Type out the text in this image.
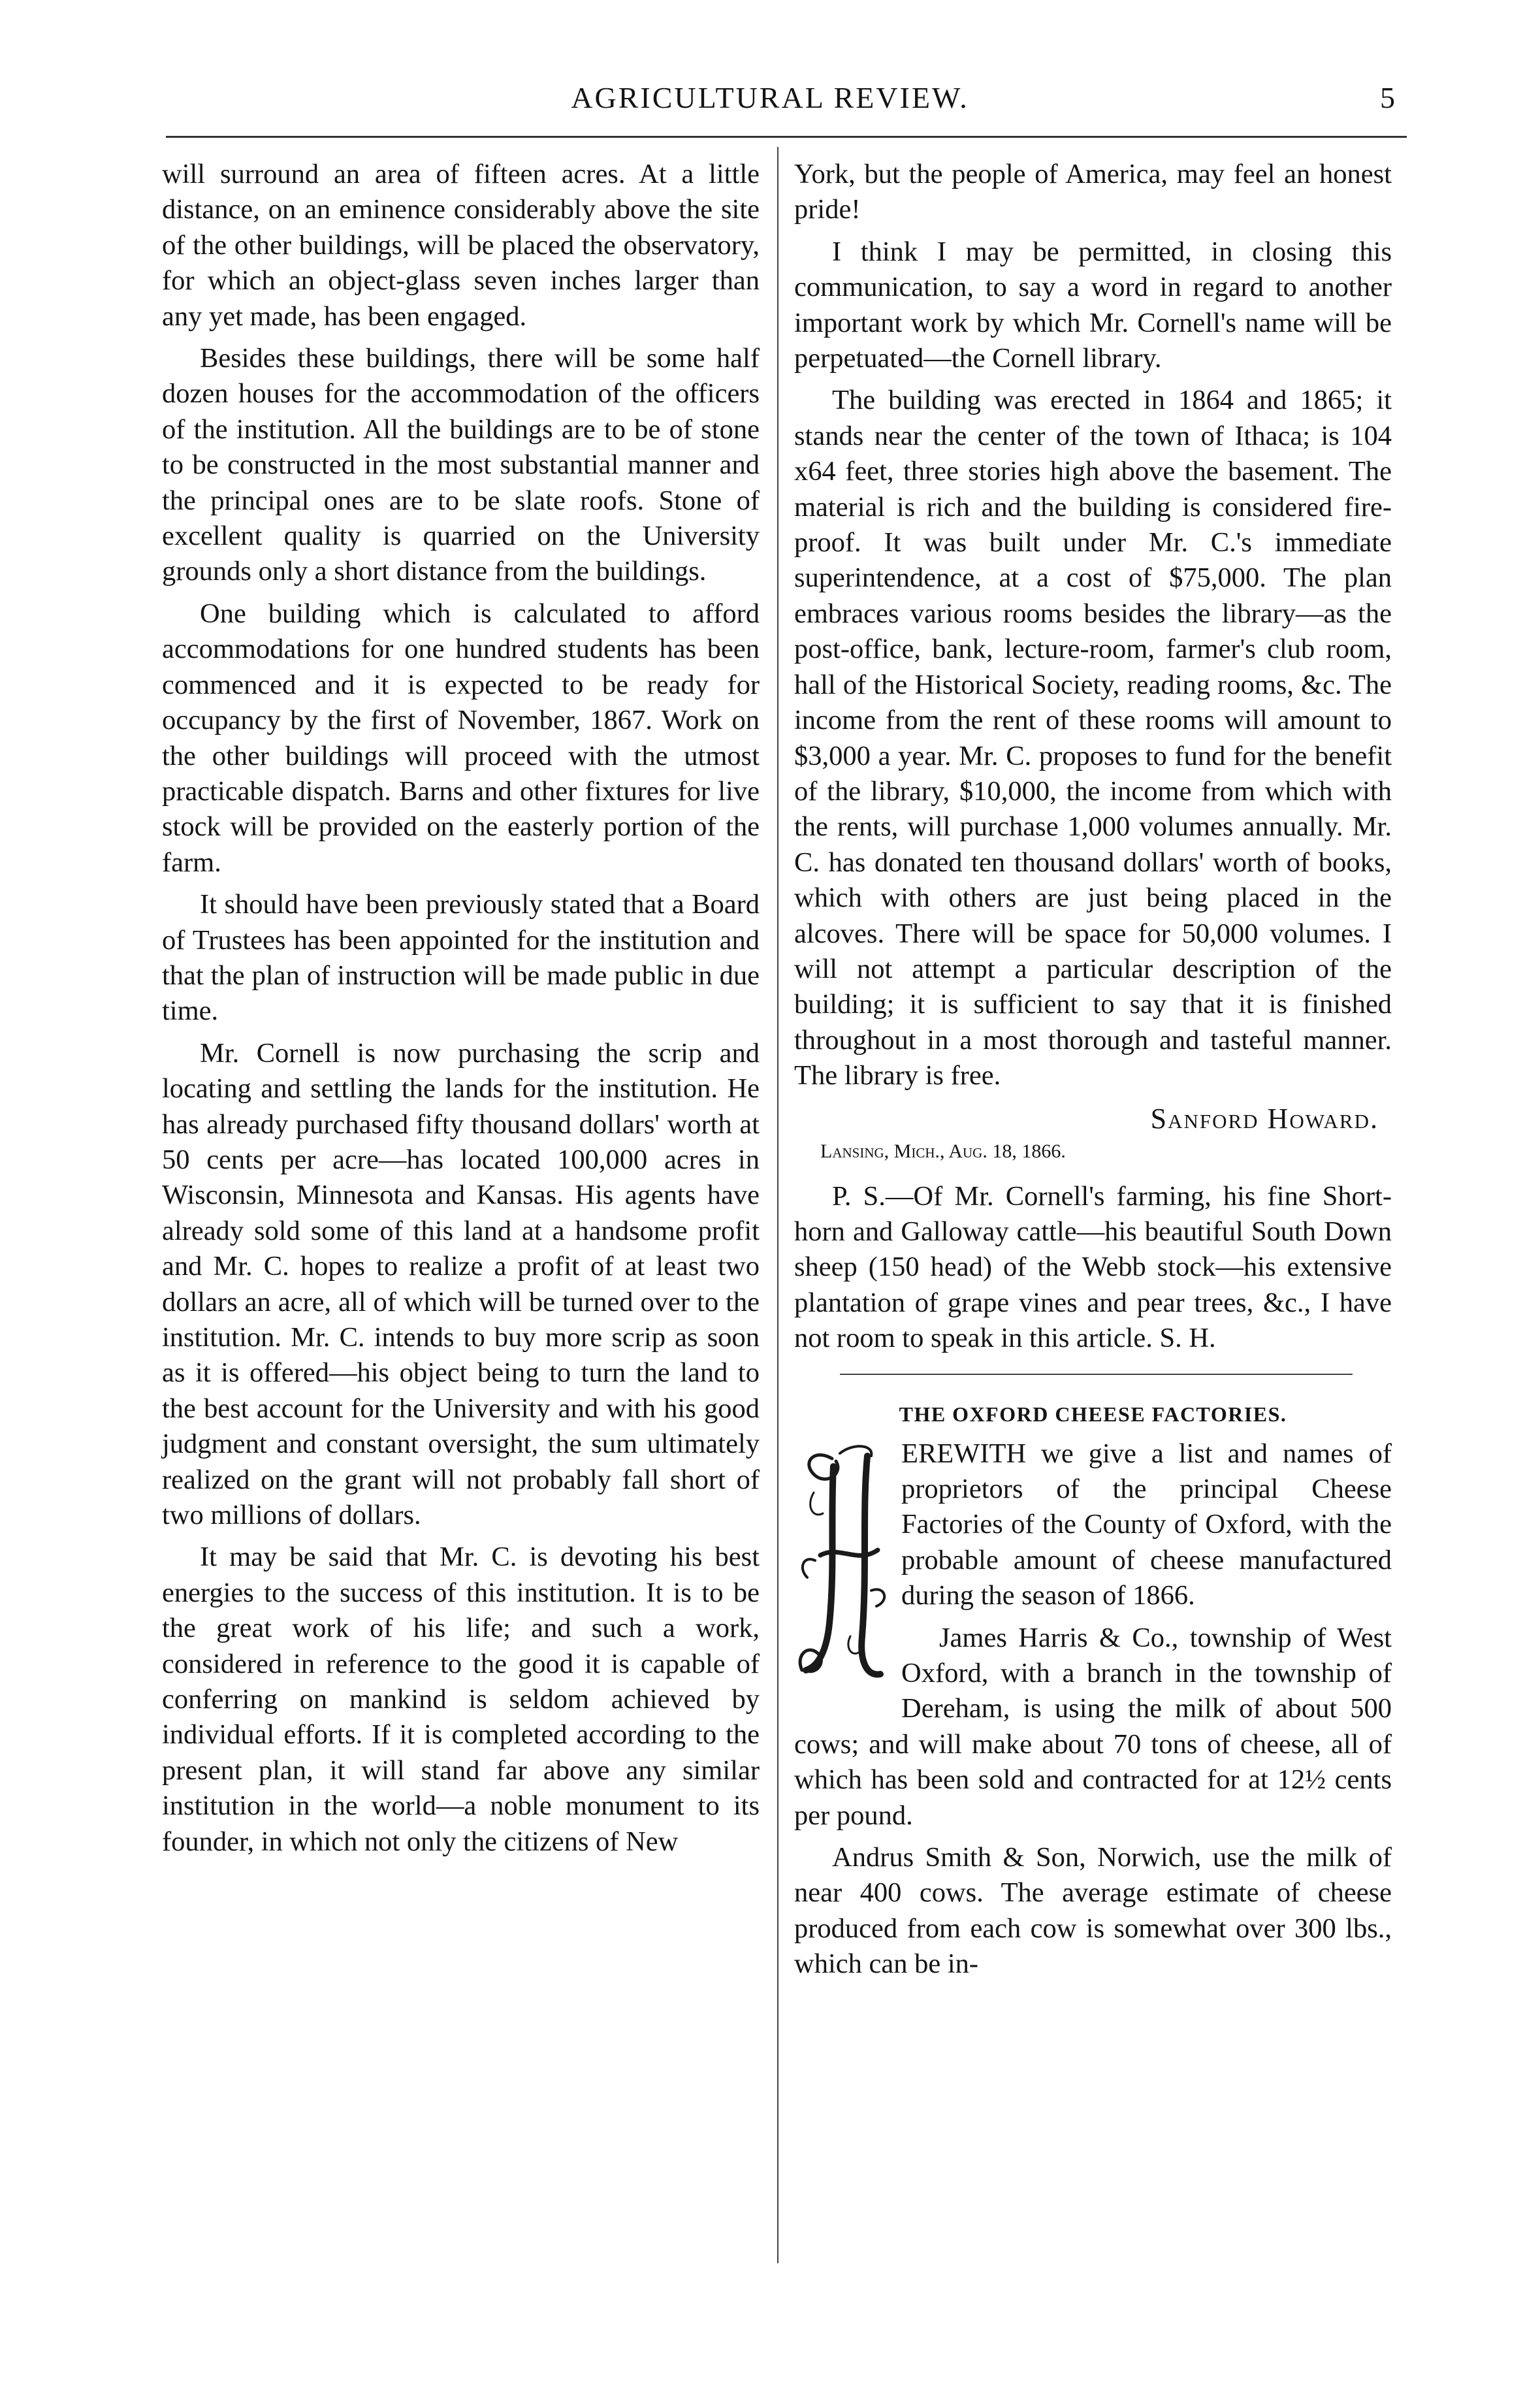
AGRICULTURAL REVIEW.	5

will surround an area of fifteen acres. At a little distance, on an eminence considerably above the site of the other buildings, will be placed the observatory, for which an object-glass seven inches larger than any yet made, has been engaged.

Besides these buildings, there will be some half dozen houses for the accommodation of the officers of the institution. All the buildings are to be of stone to be constructed in the most substantial manner and the principal ones are to be slate roofs. Stone of excellent quality is quarried on the University grounds only a short distance from the buildings.

One building which is calculated to afford accommodations for one hundred students has been commenced and it is expected to be ready for occupancy by the first of November, 1867. Work on the other buildings will proceed with the utmost practicable dispatch. Barns and other fixtures for live stock will be provided on the easterly portion of the farm.

It should have been previously stated that a Board of Trustees has been appointed for the institution and that the plan of instruction will be made public in due time.

Mr. Cornell is now purchasing the scrip and locating and settling the lands for the institution. He has already purchased fifty thousand dollars' worth at 50 cents per acre—has located 100,000 acres in Wisconsin, Minnesota and Kansas. His agents have already sold some of this land at a handsome profit and Mr. C. hopes to realize a profit of at least two dollars an acre, all of which will be turned over to the institution. Mr. C. intends to buy more scrip as soon as it is offered—his object being to turn the land to the best account for the University and with his good judgment and constant oversight, the sum ultimately realized on the grant will not probably fall short of two millions of dollars.

It may be said that Mr. C. is devoting his best energies to the success of this institution. It is to be the great work of his life; and such a work, considered in reference to the good it is capable of conferring on mankind is seldom achieved by individual efforts. If it is completed according to the present plan, it will stand far above any similar institution in the world—a noble monument to its founder, in which not only the citizens of New

York, but the people of America, may feel an honest pride!

I think I may be permitted, in closing this communication, to say a word in regard to another important work by which Mr. Cornell's name will be perpetuated—the Cornell library.

The building was erected in 1864 and 1865; it stands near the center of the town of Ithaca; is 104 x64 feet, three stories high above the basement. The material is rich and the building is considered fire-proof. It was built under Mr. C.'s immediate superintendence, at a cost of $75,000. The plan embraces various rooms besides the library—as the post-office, bank, lecture-room, farmer's club room, hall of the Historical Society, reading rooms, &c. The income from the rent of these rooms will amount to $3,000 a year. Mr. C. proposes to fund for the benefit of the library, $10,000, the income from which with the rents, will purchase 1,000 volumes annually. Mr. C. has donated ten thousand dollars' worth of books, which with others are just being placed in the alcoves. There will be space for 50,000 volumes. I will not attempt a particular description of the building; it is sufficient to say that it is finished throughout in a most thorough and tasteful manner. The library is free.

Sanford Howard.
Lansing, Mich., Aug. 18, 1866.

P. S.—Of Mr. Cornell's farming, his fine Short-horn and Galloway cattle—his beautiful South Down sheep (150 head) of the Webb stock—his extensive plantation of grape vines and pear trees, &c., I have not room to speak in this article. S. H.

THE OXFORD CHEESE FACTORIES.

EREWITH we give a list and names of proprietors of the principal Cheese Factories of the County of Oxford, with the probable amount of cheese manufactured during the season of 1866.

James Harris & Co., township of West Oxford, with a branch in the township of Dereham, is using the milk of about 500 cows; and will make about 70 tons of cheese, all of which has been sold and contracted for at 12½ cents per pound.

Andrus Smith & Son, Norwich, use the milk of near 400 cows. The average estimate of cheese produced from each cow is somewhat over 300 lbs., which can be in-
